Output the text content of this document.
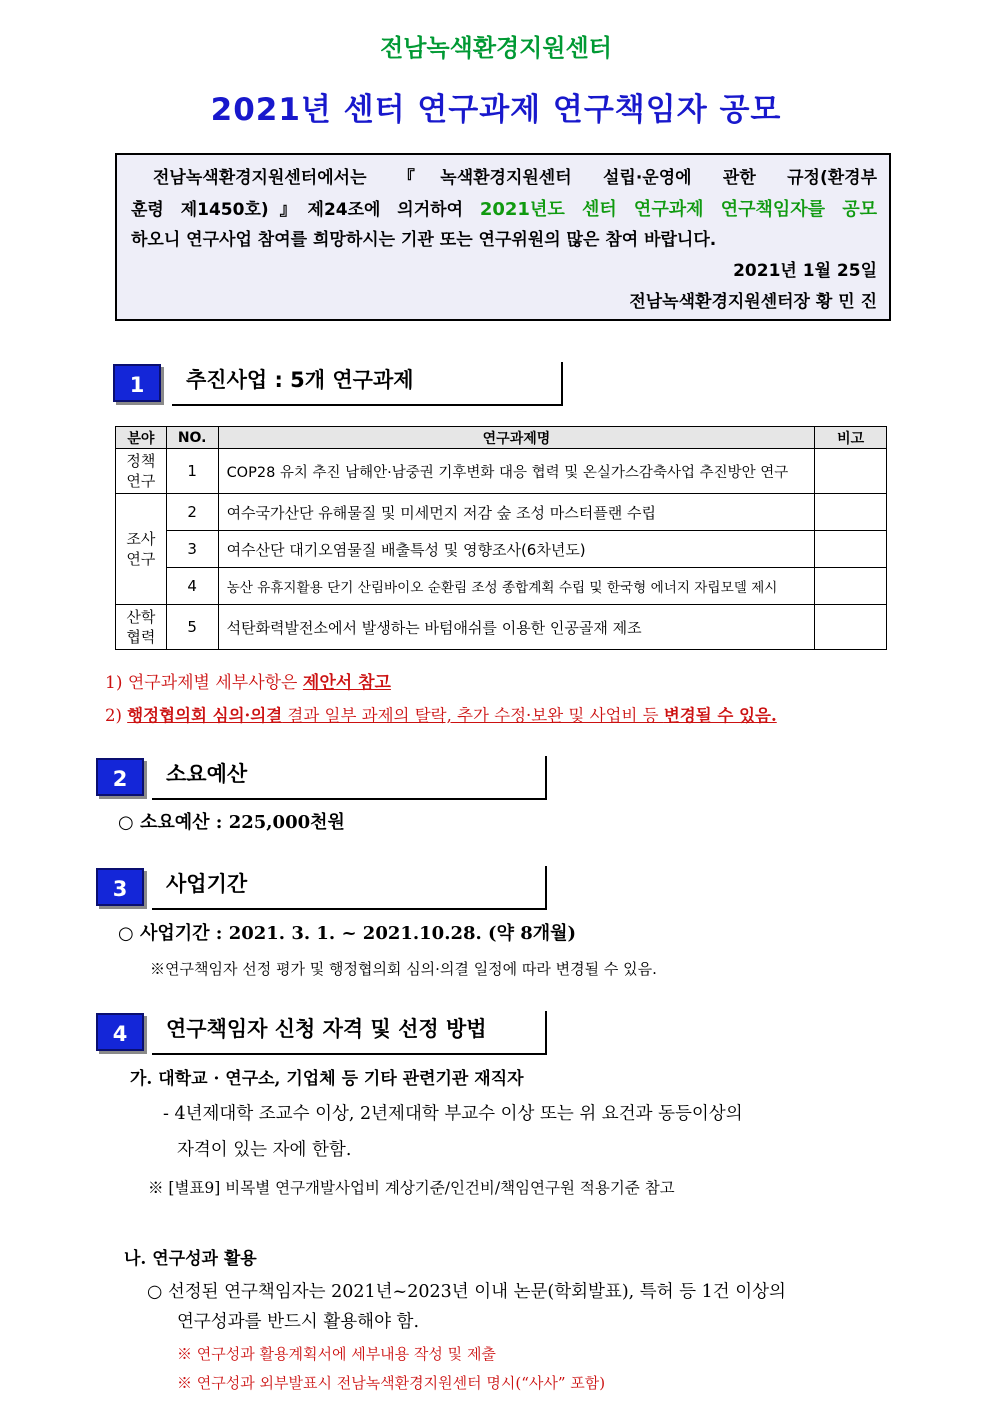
전남녹색환경지원센터
2021년 센터 연구과제 연구책임자 공모
전남녹색환경지원센터에서는 『녹색환경지원센터 설립·운영에 관한 규정(환경부
훈령 제1450호)』제24조에 의거하여 2021년도 센터 연구과제 연구책임자를 공모
하오니 연구사업 참여를 희망하시는 기관 또는 연구위원의 많은 참여 바랍니다.
2021년 1월 25일
전남녹색환경지원센터장 황 민 진
1	추진사업 : 5개 연구과제
분야	NO.	연구과제명	비고
정책
연구	1	COP28 유치 추진 남해안·남중권 기후변화 대응 협력 및 온실가스감축사업 추진방안 연구	
조사
연구	2	여수국가산단 유해물질 및 미세먼지 저감 숲 조성 마스터플랜 수립	
	3	여수산단 대기오염물질 배출특성 및 영향조사(6차년도)	
	4	농산 유휴지활용 단기 산림바이오 순환림 조성 종합계획 수립 및 한국형 에너지 자립모델 제시	
산학
협력	5	석탄화력발전소에서 발생하는 바텀애쉬를 이용한 인공골재 제조	
1) 연구과제별 세부사항은 제안서 참고
2) 행정협의회 심의·의결 결과 일부 과제의 탈락, 추가 수정·보완 및 사업비 등 변경될 수 있음.
2	소요예산
○ 소요예산 : 225,000천원
3	사업기간
○ 사업기간 : 2021. 3. 1. ~ 2021.10.28. (약 8개월)
※연구책임자 선정 평가 및 행정협의회 심의·의결 일정에 따라 변경될 수 있음.
4	연구책임자 신청 자격 및 선정 방법
가. 대학교 · 연구소, 기업체 등 기타 관련기관 재직자
- 4년제대학 조교수 이상, 2년제대학 부교수 이상 또는 위 요건과 동등이상의
자격이 있는 자에 한함.
※ [별표9] 비목별 연구개발사업비 계상기준/인건비/책임연구원 적용기준 참고
나. 연구성과 활용
○ 선정된 연구책임자는 2021년~2023년 이내 논문(학회발표), 특허 등 1건 이상의
연구성과를 반드시 활용해야 함.
※ 연구성과 활용계획서에 세부내용 작성 및 제출
※ 연구성과 외부발표시 전남녹색환경지원센터 명시(“사사” 포함)
